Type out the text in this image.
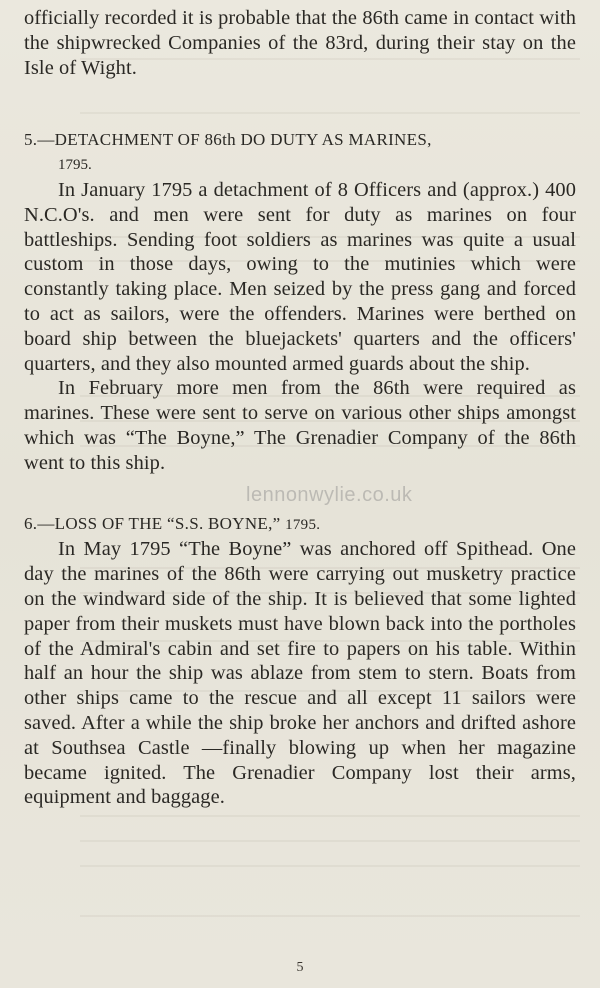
officially recorded it is probable that the 86th came in contact with the shipwrecked Companies of the 83rd, during their stay on the Isle of Wight.

5.—DETACHMENT OF 86th DO DUTY AS MARINES,
1795.

In January 1795 a detachment of 8 Officers and (approx.) 400 N.C.O's. and men were sent for duty as marines on four battleships. Sending foot soldiers as marines was quite a usual custom in those days, owing to the mutinies which were constantly taking place. Men seized by the press gang and forced to act as sailors, were the offenders. Marines were berthed on board ship between the bluejackets' quarters and the officers' quarters, and they also mounted armed guards about the ship.

In February more men from the 86th were required as marines. These were sent to serve on various other ships amongst which was “The Boyne,” The Grenadier Company of the 86th went to this ship.

6.—LOSS OF THE “S.S. BOYNE,” 1795.

In May 1795 “The Boyne” was anchored off Spithead. One day the marines of the 86th were carrying out musketry practice on the windward side of the ship. It is believed that some lighted paper from their muskets must have blown back into the portholes of the Admiral's cabin and set fire to papers on his table. Within half an hour the ship was ablaze from stem to stern. Boats from other ships came to the rescue and all except 11 sailors were saved. After a while the ship broke her anchors and drifted ashore at Southsea Castle —finally blowing up when her magazine became ignited. The Grenadier Company lost their arms, equipment and baggage.

lennonwylie.co.uk
5
